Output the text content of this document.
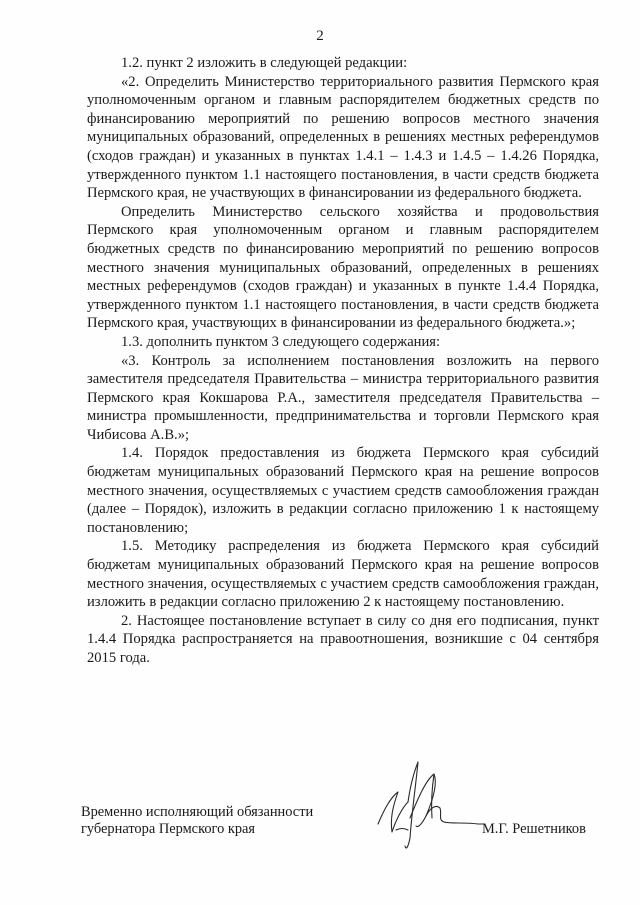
2

1.2. пункт 2 изложить в следующей редакции:

«2. Определить Министерство территориального развития Пермского края уполномоченным органом и главным распорядителем бюджетных средств по финансированию мероприятий по решению вопросов местного значения муниципальных образований, определенных в решениях местных референдумов (сходов граждан) и указанных в пунктах 1.4.1 – 1.4.3 и 1.4.5 – 1.4.26 Порядка, утвержденного пунктом 1.1 настоящего постановления, в части средств бюджета Пермского края, не участвующих в финансировании из федерального бюджета.

Определить Министерство сельского хозяйства и продовольствия Пермского края уполномоченным органом и главным распорядителем бюджетных средств по финансированию мероприятий по решению вопросов местного значения муниципальных образований, определенных в решениях местных референдумов (сходов граждан) и указанных в пункте 1.4.4 Порядка, утвержденного пунктом 1.1 настоящего постановления, в части средств бюджета Пермского края, участвующих в финансировании из федерального бюджета.»;

1.3. дополнить пунктом 3 следующего содержания:

«3. Контроль за исполнением постановления возложить на первого заместителя председателя Правительства – министра территориального развития Пермского края Кокшарова Р.А., заместителя председателя Правительства – министра промышленности, предпринимательства и торговли Пермского края Чибисова А.В.»;

1.4. Порядок предоставления из бюджета Пермского края субсидий бюджетам муниципальных образований Пермского края на решение вопросов местного значения, осуществляемых с участием средств самообложения граждан (далее – Порядок), изложить в редакции согласно приложению 1 к настоящему постановлению;

1.5. Методику распределения из бюджета Пермского края субсидий бюджетам муниципальных образований Пермского края на решение вопросов местного значения, осуществляемых с участием средств самообложения граждан, изложить в редакции согласно приложению 2 к настоящему постановлению.

2. Настоящее постановление вступает в силу со дня его подписания, пункт 1.4.4 Порядка распространяется на правоотношения, возникшие с 04 сентября 2015 года.

Временно исполняющий обязанности
губернатора Пермского края	М.Г. Решетников
